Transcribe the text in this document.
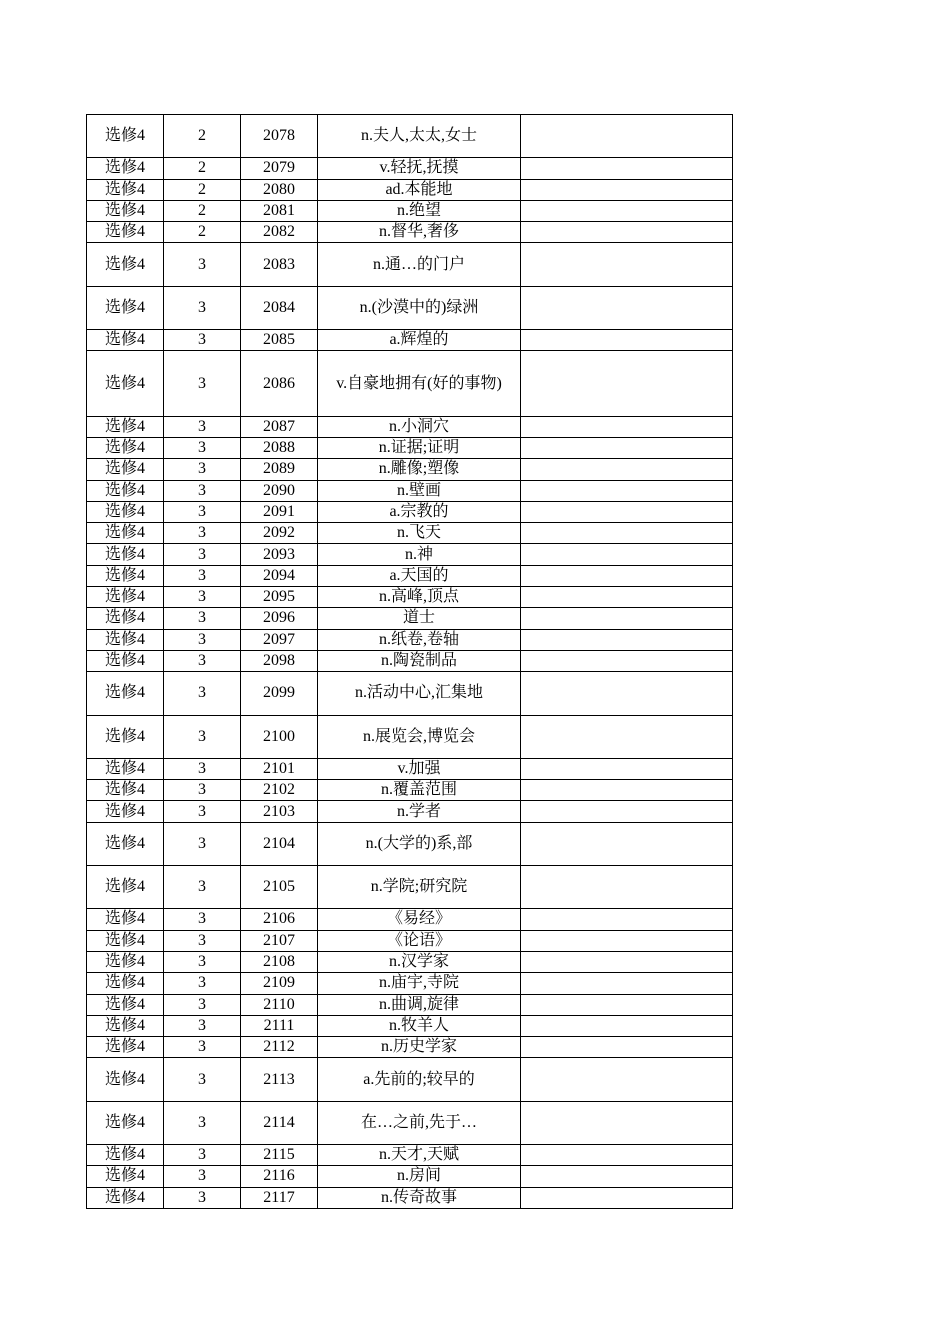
选修4	2	2078	n.夫人,太太,女士	
选修4	2	2079	v.轻抚,抚摸	
选修4	2	2080	ad.本能地	
选修4	2	2081	n.绝望	
选修4	2	2082	n.督华,奢侈	
选修4	3	2083	n.通…的门户	
选修4	3	2084	n.(沙漠中的)绿洲	
选修4	3	2085	a.辉煌的	
选修4	3	2086	v.自豪地拥有(好的事物)	
选修4	3	2087	n.小洞穴	
选修4	3	2088	n.证据;证明	
选修4	3	2089	n.雕像;塑像	
选修4	3	2090	n.壁画	
选修4	3	2091	a.宗教的	
选修4	3	2092	n.飞天	
选修4	3	2093	n.神	
选修4	3	2094	a.天国的	
选修4	3	2095	n.高峰,顶点	
选修4	3	2096	道士	
选修4	3	2097	n.纸卷,卷轴	
选修4	3	2098	n.陶瓷制品	
选修4	3	2099	n.活动中心,汇集地	
选修4	3	2100	n.展览会,博览会	
选修4	3	2101	v.加强	
选修4	3	2102	n.覆盖范围	
选修4	3	2103	n.学者	
选修4	3	2104	n.(大学的)系,部	
选修4	3	2105	n.学院;研究院	
选修4	3	2106	《易经》	
选修4	3	2107	《论语》	
选修4	3	2108	n.汉学家	
选修4	3	2109	n.庙宇,寺院	
选修4	3	2110	n.曲调,旋律	
选修4	3	2111	n.牧羊人	
选修4	3	2112	n.历史学家	
选修4	3	2113	a.先前的;较早的	
选修4	3	2114	在…之前,先于…	
选修4	3	2115	n.天才,天赋	
选修4	3	2116	n.房间	
选修4	3	2117	n.传奇故事	
